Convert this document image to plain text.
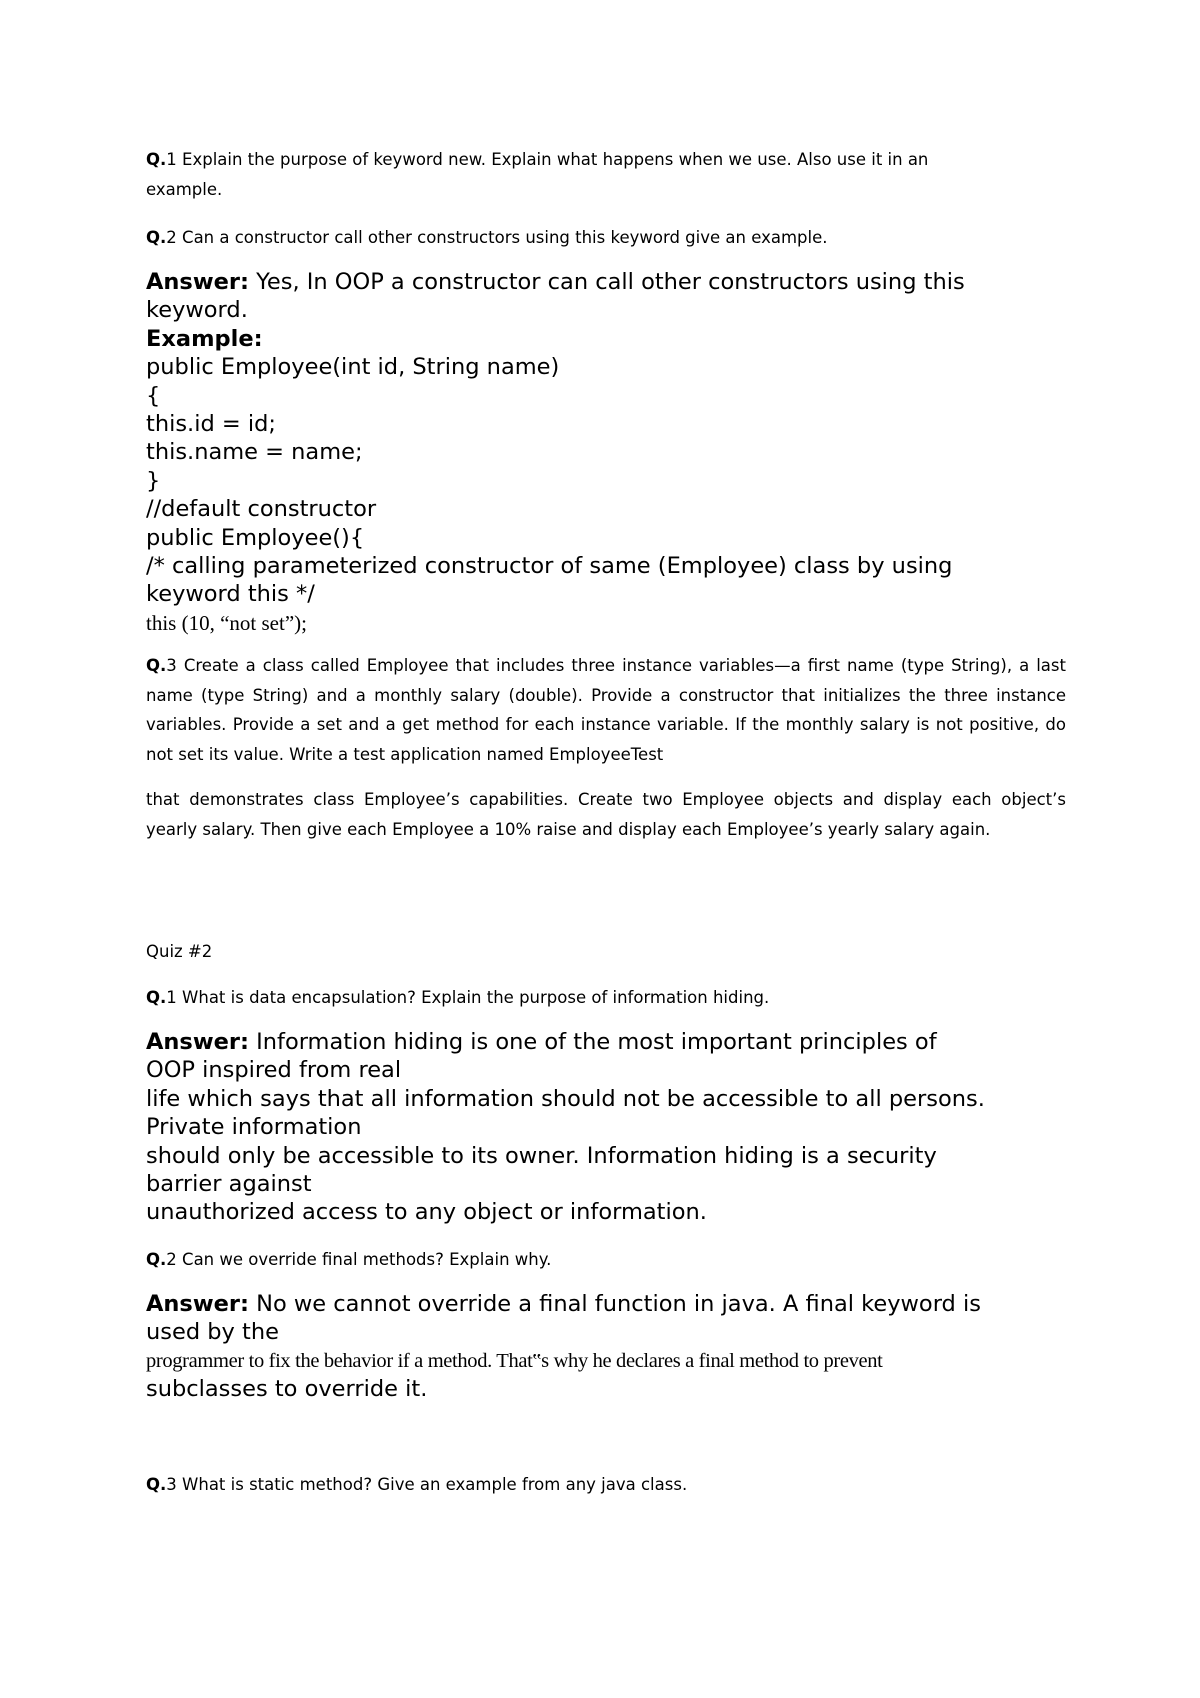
Q.1 Explain the purpose of keyword new. Explain what happens when we use. Also use it in an
example.

Q.2 Can a constructor call other constructors using this keyword give an example.

Answer: Yes, In OOP a constructor can call other constructors using this
keyword.
Example:
public Employee(int id, String name)
{
this.id = id;
this.name = name;
}
//default constructor
public Employee(){
/* calling parameterized constructor of same (Employee) class by using
keyword this */
this (10, “not set”);

Q.3 Create a class called Employee that includes three instance variables—a first name (type String), a last name (type String) and a monthly salary (double). Provide a constructor that initializes the three instance variables. Provide a set and a get method for each instance variable. If the monthly salary is not positive, do not set its value. Write a test application named EmployeeTest

that demonstrates class Employee’s capabilities. Create two Employee objects and display each object’s yearly salary. Then give each Employee a 10% raise and display each Employee’s yearly salary again.

Quiz #2

Q.1 What is data encapsulation? Explain the purpose of information hiding.

Answer: Information hiding is one of the most important principles of
OOP inspired from real
life which says that all information should not be accessible to all persons.
Private information
should only be accessible to its owner. Information hiding is a security
barrier against
unauthorized access to any object or information.

Q.2 Can we override final methods? Explain why.

Answer: No we cannot override a final function in java. A final keyword is
used by the
programmer to fix the behavior if a method. That‟s why he declares a final method to prevent
subclasses to override it.

Q.3 What is static method? Give an example from any java class.
